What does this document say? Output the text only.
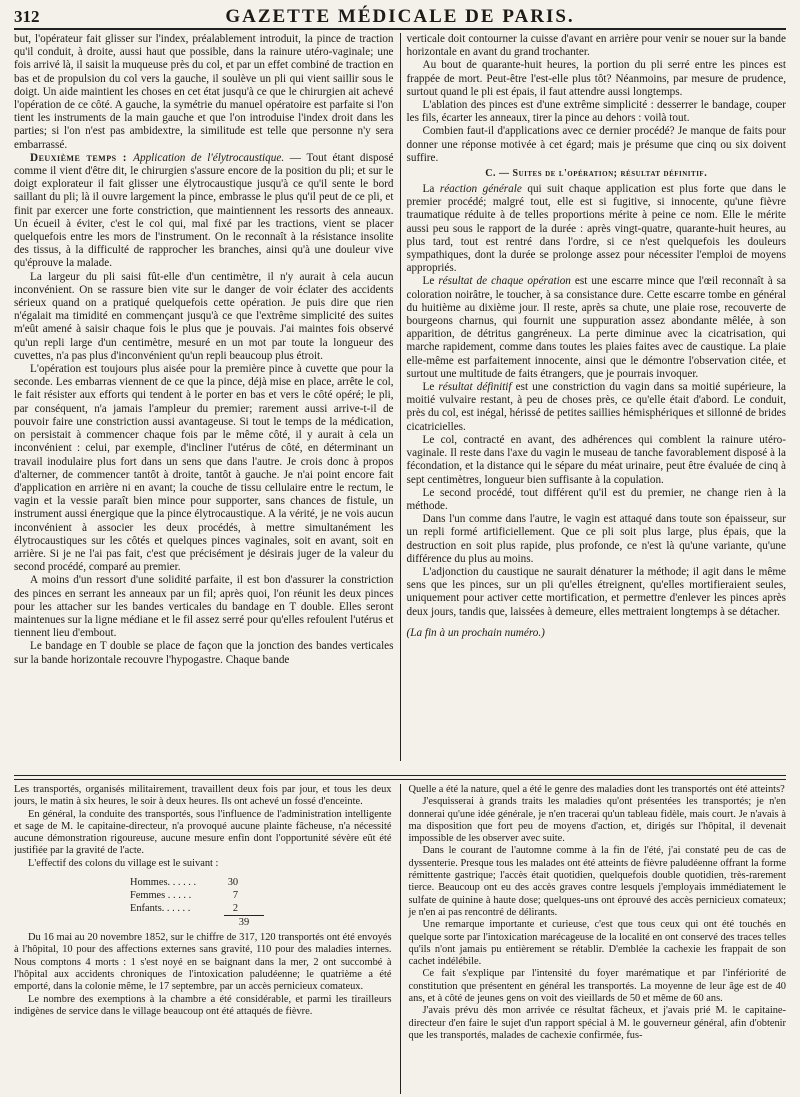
312	GAZETTE MÉDICALE DE PARIS.

but, l'opérateur fait glisser sur l'index, préalablement introduit, la pince de traction qu'il conduit, à droite, aussi haut que possible, dans la rainure utéro-vaginale; une fois arrivé là, il saisit la muqueuse près du col, et par un effet combiné de traction en bas et de propulsion du col vers la gauche, il soulève un pli qui vient saillir sous le doigt. Un aide maintient les choses en cet état jusqu'à ce que le chirurgien ait achevé l'opération de ce côté. A gauche, la symétrie du manuel opératoire est parfaite si l'on tient les instruments de la main gauche et que l'on introduise l'index droit dans les parties; si l'on n'est pas ambidextre, la similitude est telle que personne n'y sera embarrassé.

Deuxième temps : Application de l'élytrocaustique. — Tout étant disposé comme il vient d'être dit, le chirurgien s'assure encore de la position du pli; et sur le doigt explorateur il fait glisser une élytrocaustique jusqu'à ce qu'il sente le bord saillant du pli; là il ouvre largement la pince, embrasse le plus qu'il peut de ce pli, et finit par exercer une forte constriction, que maintiennent les ressorts des anneaux. Un écueil à éviter, c'est le col qui, mal fixé par les tractions, vient se placer quelquefois entre les mors de l'instrument. On le reconnaît à la résistance insolite des tissus, à la difficulté de rapprocher les branches, ainsi qu'à une douleur vive qu'éprouve la malade.

La largeur du pli saisi fût-elle d'un centimètre, il n'y aurait à cela aucun inconvénient. On se rassure bien vite sur le danger de voir éclater des accidents sérieux quand on a pratiqué quelquefois cette opération. Je puis dire que rien n'égalait ma timidité en commençant jusqu'à ce que l'extrême simplicité des suites m'eût amené à saisir chaque fois le plus que je pouvais. J'ai maintes fois observé qu'un repli large d'un centimètre, mesuré en un mot par toute la longueur des cuvettes, n'a pas plus d'inconvénient qu'un repli beaucoup plus étroit.

L'opération est toujours plus aisée pour la première pince à cuvette que pour la seconde. Les embarras viennent de ce que la pince, déjà mise en place, arrête le col, le fait résister aux efforts qui tendent à le porter en bas et vers le côté opéré; le pli, par conséquent, n'a jamais l'ampleur du premier; rarement aussi arrive-t-il de pouvoir faire une constriction aussi avantageuse. Si tout le temps de la médication, on persistait à commencer chaque fois par le même côté, il y aurait à cela un inconvénient : celui, par exemple, d'incliner l'utérus de côté, en déterminant un travail inodulaire plus fort dans un sens que dans l'autre. Je crois donc à propos d'alterner, de commencer tantôt à droite, tantôt à gauche. Je n'ai point encore fait d'application en arrière ni en avant; la couche de tissu cellulaire entre le rectum, le vagin et la vessie paraît bien mince pour supporter, sans chances de fistule, un instrument aussi énergique que la pince élytrocaustique. A la vérité, je ne vois aucun inconvénient à associer les deux procédés, à mettre simultanément les élytrocaustiques sur les côtés et quelques pinces vaginales, soit en avant, soit en arrière. Si je ne l'ai pas fait, c'est que précisément je désirais juger de la valeur du second procédé, comparé au premier.

A moins d'un ressort d'une solidité parfaite, il est bon d'assurer la constriction des pinces en serrant les anneaux par un fil; après quoi, l'on réunit les deux pinces pour les attacher sur les bandes verticales du bandage en T double. Elles seront maintenues sur la ligne médiane et le fil assez serré pour qu'elles refoulent l'utérus et tiennent lieu d'embout.

Le bandage en T double se place de façon que la jonction des bandes verticales sur la bande horizontale recouvre l'hypogastre. Chaque bande

verticale doit contourner la cuisse d'avant en arrière pour venir se nouer sur la bande horizontale en avant du grand trochanter.

Au bout de quarante-huit heures, la portion du pli serré entre les pinces est frappée de mort. Peut-être l'est-elle plus tôt? Néanmoins, par mesure de prudence, surtout quand le pli est épais, il faut attendre aussi longtemps.

L'ablation des pinces est d'une extrême simplicité : desserrer le bandage, couper les fils, écarter les anneaux, tirer la pince au dehors : voilà tout.

Combien faut-il d'applications avec ce dernier procédé? Je manque de faits pour donner une réponse motivée à cet égard; mais je présume que cinq ou six doivent suffire.

C. — Suites de l'opération; résultat définitif.

La réaction générale qui suit chaque application est plus forte que dans le premier procédé; malgré tout, elle est si fugitive, si innocente, qu'une fièvre traumatique réduite à de telles proportions mérite à peine ce nom. Elle le mérite aussi peu sous le rapport de la durée : après vingt-quatre, quarante-huit heures, au plus tard, tout est rentré dans l'ordre, si ce n'est quelquefois les douleurs sympathiques, dont la durée se prolonge assez pour nécessiter l'emploi de moyens appropriés.

Le résultat de chaque opération est une escarre mince que l'œil reconnaît à sa coloration noirâtre, le toucher, à sa consistance dure. Cette escarre tombe en général du huitième au dixième jour. Il reste, après sa chute, une plaie rose, recouverte de bourgeons charnus, qui fournit une suppuration assez abondante mêlée, à son apparition, de détritus gangréneux. La perte diminue avec la cicatrisation, qui marche rapidement, comme dans toutes les plaies faites avec de caustique. La plaie elle-même est parfaitement innocente, ainsi que le démontre l'observation citée, et surtout une multitude de faits étrangers, que je pourrais invoquer.

Le résultat définitif est une constriction du vagin dans sa moitié supérieure, la moitié vulvaire restant, à peu de choses près, ce qu'elle était d'abord. Le conduit, près du col, est inégal, hérissé de petites saillies hémisphériques et sillonné de brides cicatricielles.

Le col, contracté en avant, des adhérences qui comblent la rainure utéro-vaginale. Il reste dans l'axe du vagin le museau de tanche favorablement disposé à la fécondation, et la distance qui le sépare du méat urinaire, peut être évaluée de cinq à sept centimètres, longueur bien suffisante à la copulation.

Le second procédé, tout différent qu'il est du premier, ne change rien à la méthode.

Dans l'un comme dans l'autre, le vagin est attaqué dans toute son épaisseur, sur un repli formé artificiellement. Que ce pli soit plus large, plus épais, que la destruction en soit plus rapide, plus profonde, ce n'est là qu'une variante, qu'une différence du plus au moins.

L'adjonction du caustique ne saurait dénaturer la méthode; il agit dans le même sens que les pinces, sur un pli qu'elles étreignent, qu'elles mortifieraient seules, uniquement pour activer cette mortification, et permettre d'enlever les pinces après deux jours, tandis que, laissées à demeure, elles mettraient longtemps à se détacher.

(La fin à un prochain numéro.)

Les transportés, organisés militairement, travaillent deux fois par jour, et tous les deux jours, le matin à six heures, le soir à deux heures. Ils ont achevé un fossé d'enceinte.

En général, la conduite des transportés, sous l'influence de l'administration intelligente et sage de M. le capitaine-directeur, n'a provoqué aucune plainte fâcheuse, n'a nécessité aucune démonstration rigoureuse, aucune mesure enfin dont l'opportunité sévère eût été justifiée par la gravité de l'acte.

L'effectif des colons du village est le suivant :

Hommes. . . . . .	30
Femmes . . . . .	7
Enfants. . . . . .	2
39

Du 16 mai au 20 novembre 1852, sur le chiffre de 317, 120 transportés ont été envoyés à l'hôpital, 10 pour des affections externes sans gravité, 110 pour des maladies internes. Nous comptons 4 morts : 1 s'est noyé en se baignant dans la mer, 2 ont succombé à l'hôpital aux accidents chroniques de l'intoxication paludéenne; le quatrième a été emporté, dans la colonie même, le 17 septembre, par un accès pernicieux comateux.

Le nombre des exemptions à la chambre a été considérable, et parmi les tirailleurs indigènes de service dans le village beaucoup ont été attaqués de fièvre.

Quelle a été la nature, quel a été le genre des maladies dont les transportés ont été atteints?

J'esquisserai à grands traits les maladies qu'ont présentées les transportés; je n'en donnerai qu'une idée générale, je n'en tracerai qu'un tableau fidèle, mais court. Je n'avais à ma disposition que fort peu de moyens d'action, et, dirigés sur l'hôpital, il devenait impossible de les observer avec suite.

Dans le courant de l'automne comme à la fin de l'été, j'ai constaté peu de cas de dyssenterie. Presque tous les malades ont été atteints de fièvre paludéenne offrant la forme rémittente gastrique; l'accès était quotidien, quelquefois double quotidien, très-rarement tierce. Beaucoup ont eu des accès graves contre lesquels j'employais immédiatement le sulfate de quinine à haute dose; quelques-uns ont éprouvé des accès pernicieux comateux; je n'en ai pas rencontré de délirants.

Une remarque importante et curieuse, c'est que tous ceux qui ont été touchés en quelque sorte par l'intoxication marécageuse de la localité en ont conservé des traces telles qu'ils n'ont jamais pu entièrement se rétablir. D'emblée la cachexie les frappait de son cachet indélébile.

Ce fait s'explique par l'intensité du foyer marématique et par l'infériorité de constitution que présentent en général les transportés. La moyenne de leur âge est de 40 ans, et à côté de jeunes gens on voit des vieillards de 50 et même de 60 ans.

J'avais prévu dès mon arrivée ce résultat fâcheux, et j'avais prié M. le capitaine-directeur d'en faire le sujet d'un rapport spécial à M. le gouverneur général, afin d'obtenir que les transportés, malades de cachexie confirmée, fus-
